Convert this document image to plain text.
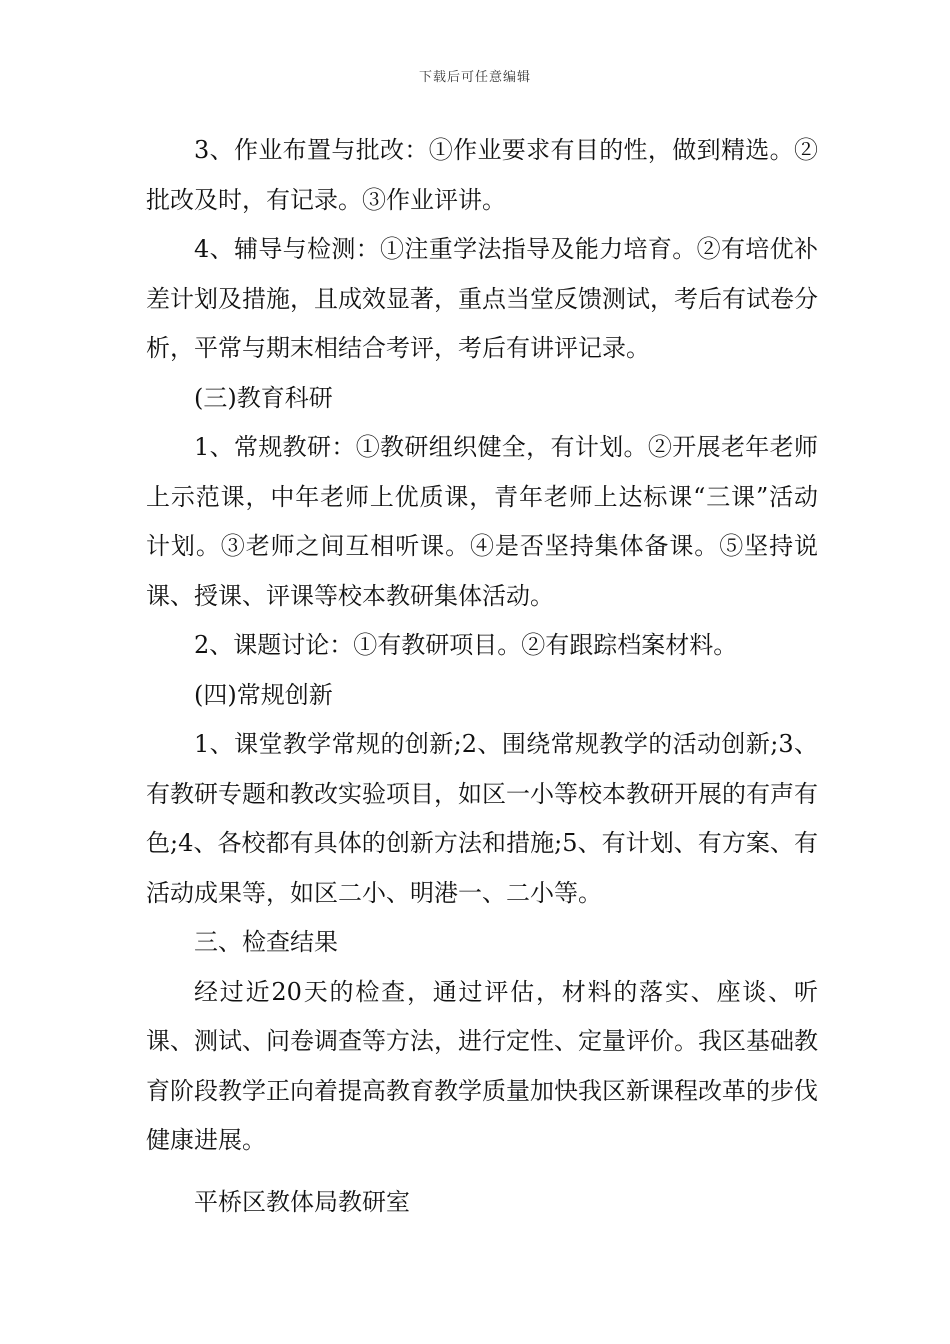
下载后可任意编辑

3、作业布置与批改：①作业要求有目的性，做到精选。②批改及时，有记录。③作业评讲。

4、辅导与检测：①注重学法指导及能力培育。②有培优补差计划及措施，且成效显著，重点当堂反馈测试，考后有试卷分析，平常与期末相结合考评，考后有讲评记录。

(三)教育科研

1、常规教研：①教研组织健全，有计划。②开展老年老师上示范课，中年老师上优质课，青年老师上达标课“三课”活动计划。③老师之间互相听课。④是否坚持集体备课。⑤坚持说课、授课、评课等校本教研集体活动。

2、课题讨论：①有教研项目。②有跟踪档案材料。

(四)常规创新

1、课堂教学常规的创新;2、围绕常规教学的活动创新;3、有教研专题和教改实验项目，如区一小等校本教研开展的有声有色;4、各校都有具体的创新方法和措施;5、有计划、有方案、有活动成果等，如区二小、明港一、二小等。

三、检查结果

经过近20天的检查，通过评估，材料的落实、座谈、听课、测试、问卷调查等方法，进行定性、定量评价。我区基础教育阶段教学正向着提高教育教学质量加快我区新课程改革的步伐健康进展。

平桥区教体局教研室
